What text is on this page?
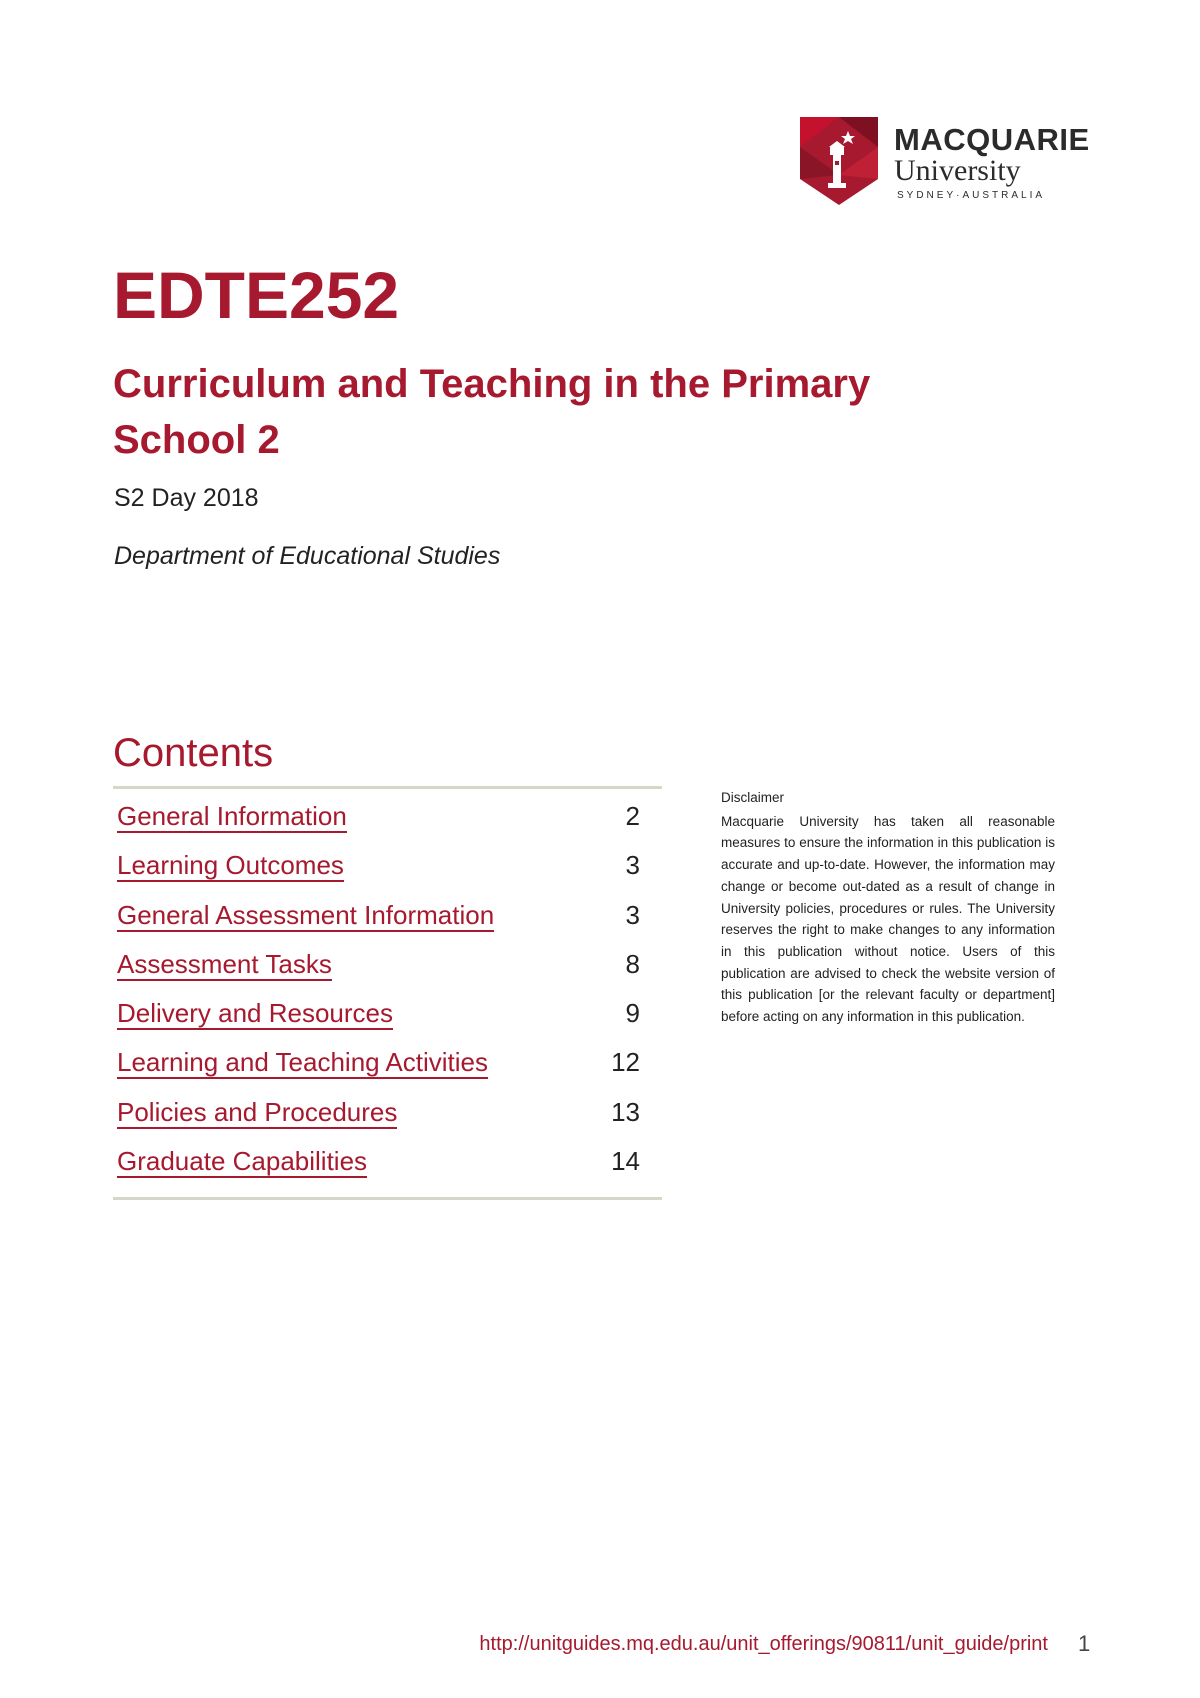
MACQUARIE
University
SYDNEY·AUSTRALIA
EDTE252
Curriculum and Teaching in the Primary School 2
S2 Day 2018
Department of Educational Studies
Contents
General Information	2
Learning Outcomes	3
General Assessment Information	3
Assessment Tasks	8
Delivery and Resources	9
Learning and Teaching Activities	12
Policies and Procedures	13
Graduate Capabilities	14

Disclaimer

Macquarie University has taken all reasonable measures to ensure the information in this publication is accurate and up-to-date. However, the information may change or become out-dated as a result of change in University policies, procedures or rules. The University reserves the right to make changes to any information in this publication without notice. Users of this publication are advised to check the website version of this publication [or the relevant faculty or department] before acting on any information in this publication.

http://unitguides.mq.edu.au/unit_offerings/90811/unit_guide/print 1
